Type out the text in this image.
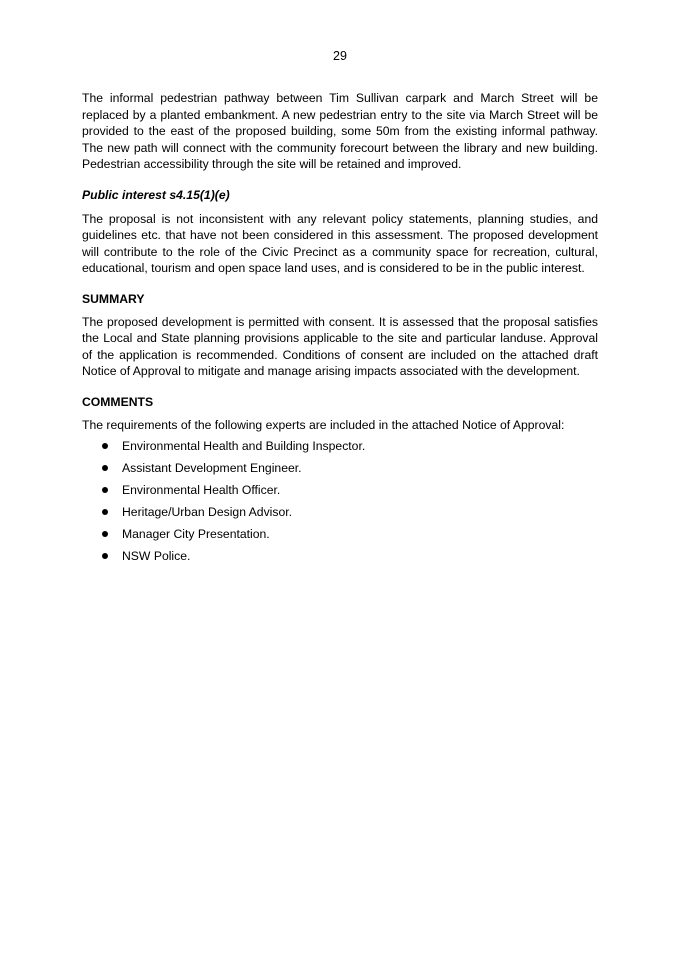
29

The informal pedestrian pathway between Tim Sullivan carpark and March Street will be replaced by a planted embankment. A new pedestrian entry to the site via March Street will be provided to the east of the proposed building, some 50m from the existing informal pathway. The new path will connect with the community forecourt between the library and new building. Pedestrian accessibility through the site will be retained and improved.

Public interest s4.15(1)(e)

The proposal is not inconsistent with any relevant policy statements, planning studies, and guidelines etc. that have not been considered in this assessment. The proposed development will contribute to the role of the Civic Precinct as a community space for recreation, cultural, educational, tourism and open space land uses, and is considered to be in the public interest.

SUMMARY

The proposed development is permitted with consent. It is assessed that the proposal satisfies the Local and State planning provisions applicable to the site and particular landuse. Approval of the application is recommended. Conditions of consent are included on the attached draft Notice of Approval to mitigate and manage arising impacts associated with the development.

COMMENTS

The requirements of the following experts are included in the attached Notice of Approval:

Environmental Health and Building Inspector.
Assistant Development Engineer.
Environmental Health Officer.
Heritage/Urban Design Advisor.
Manager City Presentation.
NSW Police.
